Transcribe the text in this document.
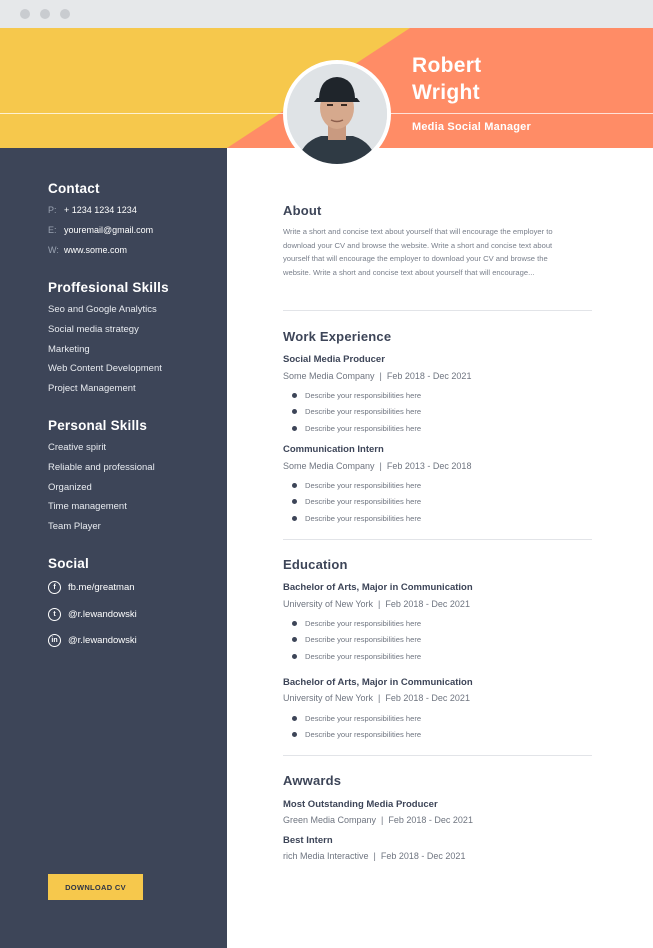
Robert
Wright
Media Social Manager
Contact
P: + 1234 1234 1234
E: youremail@gmail.com
W: www.some.com
Proffesional Skills
Seo and Google Analytics
Social media strategy
Marketing
Web Content Development
Project Management
Personal Skills
Creative spirit
Reliable and professional
Organized
Time management
Team Player
Social
f	fb.me/greatman
t	@r.lewandowski
in	@r.lewandowski
DOWNLOAD CV
About
Write a short and concise text about yourself that will encourage the employer to download your CV and browse the website. Write a short and concise text about yourself that will encourage the employer to download your CV and browse the website. Write a short and concise text about yourself that will encourage...
Work Experience
Social Media Producer
Some Media Company  |  Feb 2018 - Dec 2021
Describe your responsibilities here
Describe your responsibilities here
Describe your responsibilities here
Communication Intern
Some Media Company  |  Feb 2013 - Dec 2018
Describe your responsibilities here
Describe your responsibilities here
Describe your responsibilities here
Education
Bachelor of Arts, Major in Communication
University of New York  |  Feb 2018 - Dec 2021
Describe your responsibilities here
Describe your responsibilities here
Describe your responsibilities here
Bachelor of Arts, Major in Communication
University of New York  |  Feb 2018 - Dec 2021
Describe your responsibilities here
Describe your responsibilities here
Awwards
Most Outstanding Media Producer
Green Media Company  |  Feb 2018 - Dec 2021
Best Intern
rich Media Interactive  |  Feb 2018 - Dec 2021
